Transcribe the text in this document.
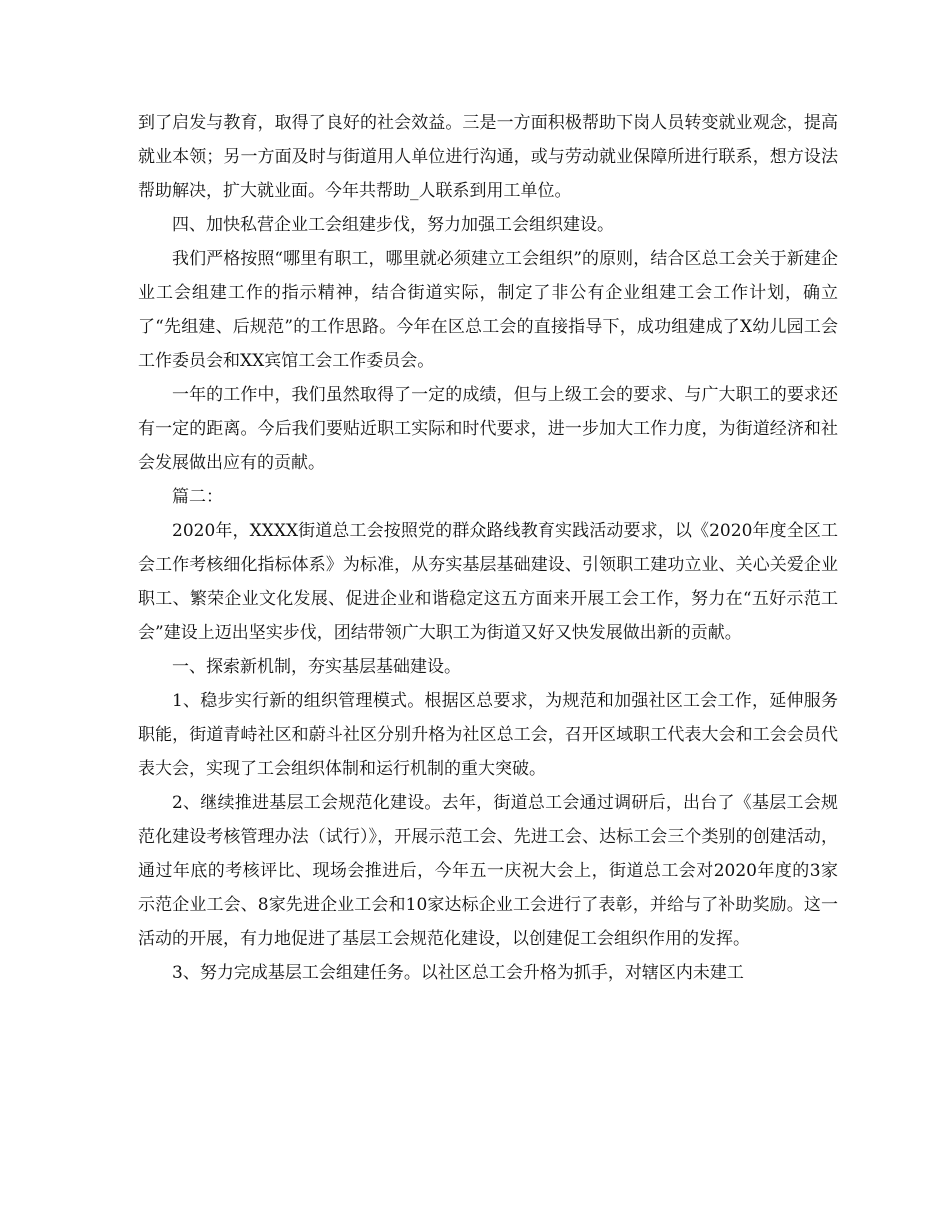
到了启发与教育，取得了良好的社会效益。三是一方面积极帮助下岗人员转变就业观念，提高就业本领；另一方面及时与街道用人单位进行沟通，或与劳动就业保障所进行联系，想方设法帮助解决，扩大就业面。今年共帮助_人联系到用工单位。

四、加快私营企业工会组建步伐，努力加强工会组织建设。

我们严格按照“哪里有职工，哪里就必须建立工会组织”的原则，结合区总工会关于新建企业工会组建工作的指示精神，结合街道实际，制定了非公有企业组建工会工作计划，确立了“先组建、后规范”的工作思路。今年在区总工会的直接指导下，成功组建成了X幼儿园工会工作委员会和XX宾馆工会工作委员会。

一年的工作中，我们虽然取得了一定的成绩，但与上级工会的要求、与广大职工的要求还有一定的距离。今后我们要贴近职工实际和时代要求，进一步加大工作力度，为街道经济和社会发展做出应有的贡献。

篇二：

2020年，XXXX街道总工会按照党的群众路线教育实践活动要求，以《2020年度全区工会工作考核细化指标体系》为标准，从夯实基层基础建设、引领职工建功立业、关心关爱企业职工、繁荣企业文化发展、促进企业和谐稳定这五方面来开展工会工作，努力在“五好示范工会”建设上迈出坚实步伐，团结带领广大职工为街道又好又快发展做出新的贡献。

一、探索新机制，夯实基层基础建设。

1、稳步实行新的组织管理模式。根据区总要求，为规范和加强社区工会工作，延伸服务职能，街道青峙社区和蔚斗社区分别升格为社区总工会，召开区域职工代表大会和工会会员代表大会，实现了工会组织体制和运行机制的重大突破。

2、继续推进基层工会规范化建设。去年，街道总工会通过调研后，出台了《基层工会规范化建设考核管理办法（试行）》，开展示范工会、先进工会、达标工会三个类别的创建活动，通过年底的考核评比、现场会推进后，今年五一庆祝大会上，街道总工会对2020年度的3家示范企业工会、8家先进企业工会和10家达标企业工会进行了表彰，并给与了补助奖励。这一活动的开展，有力地促进了基层工会规范化建设，以创建促工会组织作用的发挥。

3、努力完成基层工会组建任务。以社区总工会升格为抓手，对辖区内未建工
